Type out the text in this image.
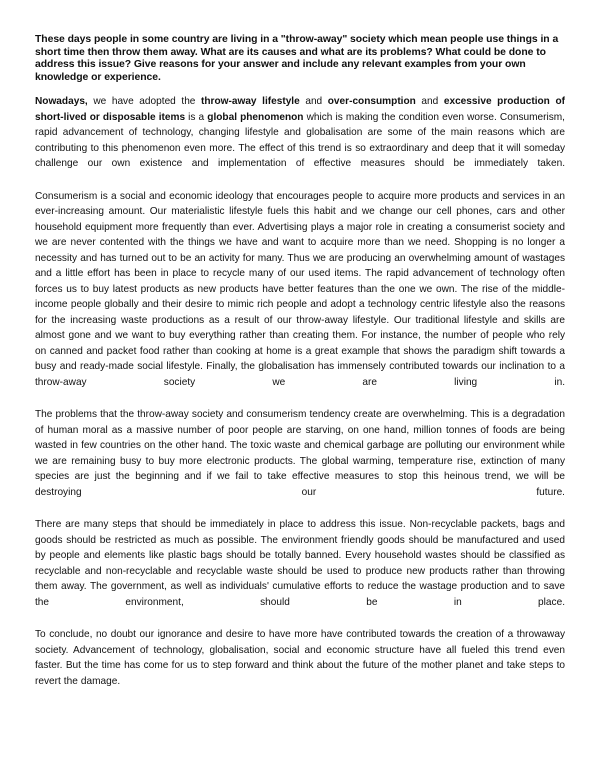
These days people in some country are living in a "throw-away" society which mean people use things in a short time then throw them away. What are its causes and what are its problems? What could be done to address this issue? Give reasons for your answer and include any relevant examples from your own knowledge or experience.

Nowadays, we have adopted the throw-away lifestyle and over-consumption and excessive production of short-lived or disposable items is a global phenomenon which is making the condition even worse. Consumerism, rapid advancement of technology, changing lifestyle and globalisation are some of the main reasons which are contributing to this phenomenon even more. The effect of this trend is so extraordinary and deep that it will someday challenge our own existence and implementation of effective measures should be immediately taken.

Consumerism is a social and economic ideology that encourages people to acquire more products and services in an ever-increasing amount. Our materialistic lifestyle fuels this habit and we change our cell phones, cars and other household equipment more frequently than ever. Advertising plays a major role in creating a consumerist society and we are never contented with the things we have and want to acquire more than we need. Shopping is no longer a necessity and has turned out to be an activity for many. Thus we are producing an overwhelming amount of wastages and a little effort has been in place to recycle many of our used items. The rapid advancement of technology often forces us to buy latest products as new products have better features than the one we own. The rise of the middle-income people globally and their desire to mimic rich people and adopt a technology centric lifestyle also the reasons for the increasing waste productions as a result of our throw-away lifestyle. Our traditional lifestyle and skills are almost gone and we want to buy everything rather than creating them. For instance, the number of people who rely on canned and packet food rather than cooking at home is a great example that shows the paradigm shift towards a busy and ready-made social lifestyle. Finally, the globalisation has immensely contributed towards our inclination to a throw-away society we are living in.

The problems that the throw-away society and consumerism tendency create are overwhelming. This is a degradation of human moral as a massive number of poor people are starving, on one hand, million tonnes of foods are being wasted in few countries on the other hand. The toxic waste and chemical garbage are polluting our environment while we are remaining busy to buy more electronic products. The global warming, temperature rise, extinction of many species are just the beginning and if we fail to take effective measures to stop this heinous trend, we will be destroying our future.

There are many steps that should be immediately in place to address this issue. Non-recyclable packets, bags and goods should be restricted as much as possible. The environment friendly goods should be manufactured and used by people and elements like plastic bags should be totally banned. Every household wastes should be classified as recyclable and non-recyclable and recyclable waste should be used to produce new products rather than throwing them away. The government, as well as individuals' cumulative efforts to reduce the wastage production and to save the environment, should be in place.

To conclude, no doubt our ignorance and desire to have more have contributed towards the creation of a throwaway society. Advancement of technology, globalisation, social and economic structure have all fueled this trend even faster. But the time has come for us to step forward and think about the future of the mother planet and take steps to revert the damage.
